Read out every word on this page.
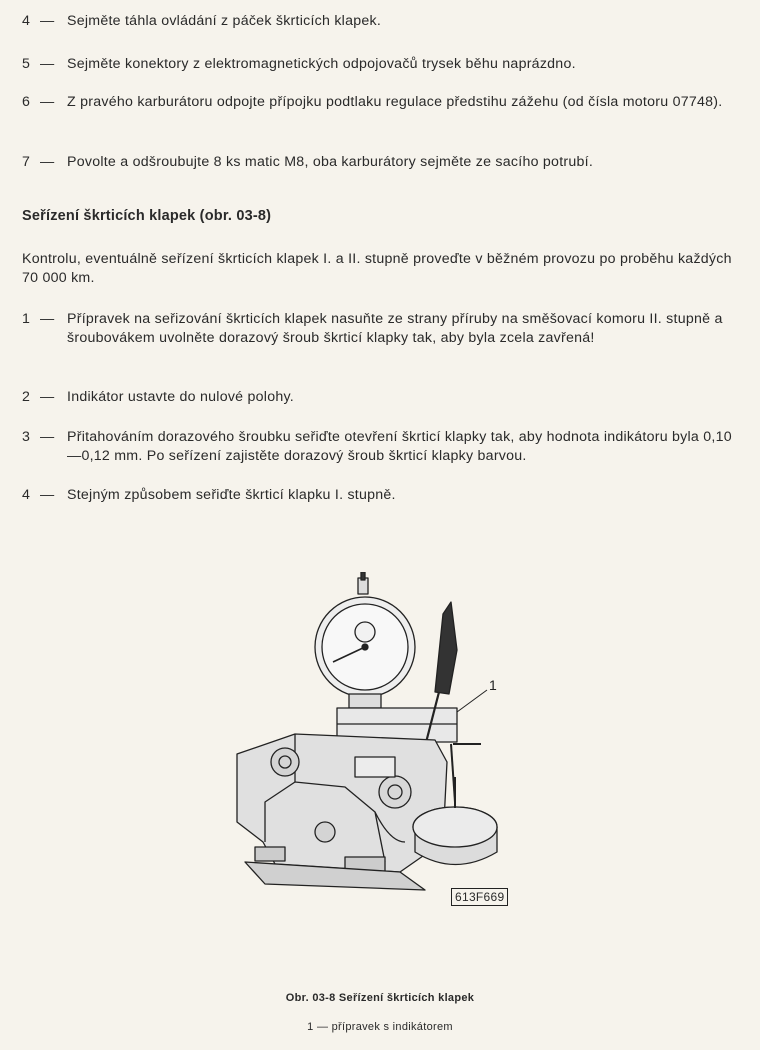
4 — Sejměte táhla ovládání z páček škrticích klapek.
5 — Sejměte konektory z elektromagnetických odpojovačů trysek běhu naprázdno.
6 — Z pravého karburátoru odpojte přípojku podtlaku regulace předstihu zážehu (od čísla motoru 07748).
7 — Povolte a odšroubujte 8 ks matic M8, oba karburátory sejměte ze sacího potrubí.
Seřízení škrticích klapek (obr. 03-8)
Kontrolu, eventuálně seřízení škrticích klapek I. a II. stupně proveďte v běžném provozu po proběhu každých 70 000 km.
1 — Přípravek na seřizování škrticích klapek nasuňte ze strany příruby na směšovací komoru II. stupně a šroubovákem uvolněte dorazový šroub škrticí klapky tak, aby byla zcela zavřená!
2 — Indikátor ustavte do nulové polohy.
3 — Přitahováním dorazového šroubku seřiďte otevření škrticí klapky tak, aby hodnota indikátoru byla 0,10—0,12 mm. Po seřízení zajistěte dorazový šroub škrticí klapky barvou.
4 — Stejným způsobem seřiďte škrticí klapku I. stupně.
1
613F669
Obr. 03-8 Seřízení škrticích klapek
1 — přípravek s indikátorem
